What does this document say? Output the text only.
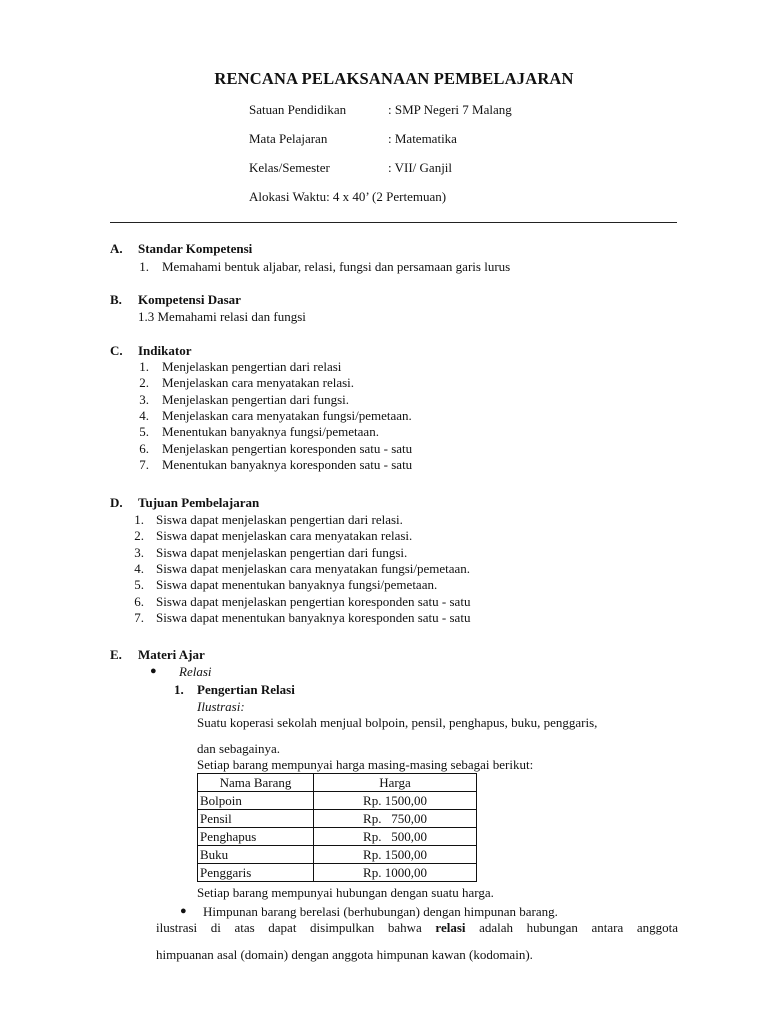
RENCANA PELAKSANAAN PEMBELAJARAN
Satuan Pendidikan	: SMP Negeri 7 Malang
Mata Pelajaran	: Matematika
Kelas/Semester	: VII/ Ganjil
Alokasi Waktu: 4 x 40’ (2 Pertemuan)
A. Standar Kompetensi
1. Memahami bentuk aljabar, relasi, fungsi dan persamaan garis lurus
B. Kompetensi Dasar
1.3 Memahami relasi dan fungsi
C. Indikator
1. Menjelaskan pengertian dari relasi
2. Menjelaskan cara menyatakan relasi.
3. Menjelaskan pengertian dari fungsi.
4. Menjelaskan cara menyatakan fungsi/pemetaan.
5. Menentukan banyaknya fungsi/pemetaan.
6. Menjelaskan pengertian koresponden satu - satu
7. Menentukan banyaknya koresponden satu - satu
D. Tujuan Pembelajaran
1. Siswa dapat menjelaskan pengertian dari relasi.
2. Siswa dapat menjelaskan cara menyatakan relasi.
3. Siswa dapat menjelaskan pengertian dari fungsi.
4. Siswa dapat menjelaskan cara menyatakan fungsi/pemetaan.
5. Siswa dapat menentukan banyaknya fungsi/pemetaan.
6. Siswa dapat menjelaskan pengertian koresponden satu - satu
7. Siswa dapat menentukan banyaknya koresponden satu - satu
E. Materi Ajar
● Relasi
1. Pengertian Relasi
Ilustrasi:
Suatu koperasi sekolah menjual bolpoin, pensil, penghapus, buku, penggaris,
dan sebagainya.
Setiap barang mempunyai harga masing-masing sebagai berikut:
Nama Barang	Harga
Bolpoin	Rp. 1500,00
Pensil	Rp.   750,00
Penghapus	Rp.   500,00
Buku	Rp. 1500,00
Penggaris	Rp. 1000,00
Setiap barang mempunyai hubungan dengan suatu harga.
● Himpunan barang berelasi (berhubungan) dengan himpunan barang.
ilustrasi di atas dapat disimpulkan bahwa relasi adalah hubungan antara anggota
himpuanan asal (domain) dengan anggota himpunan kawan (kodomain).
